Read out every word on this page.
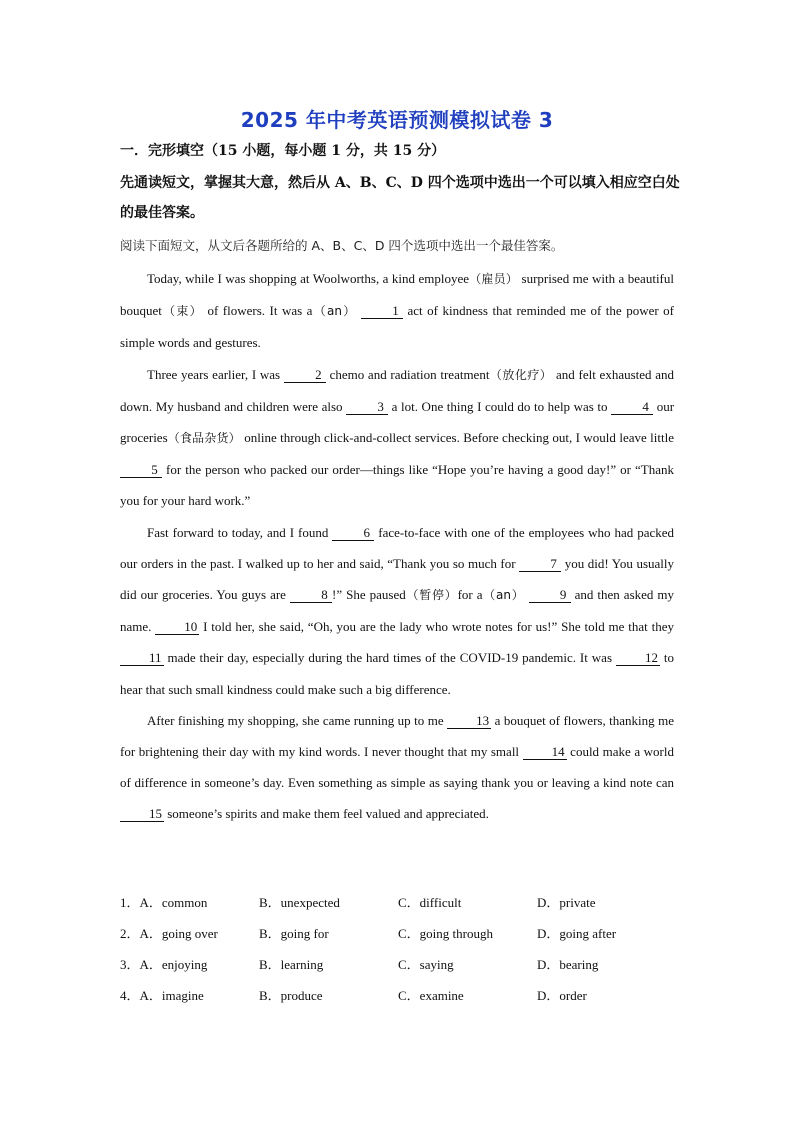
2025 年中考英语预测模拟试卷 3
一．完形填空（15 小题，每小题 1 分，共 15 分）
先通读短文，掌握其大意，然后从 A、B、C、D 四个选项中选出一个可以填入相应空白处的最佳答案。
阅读下面短文，从文后各题所给的 A、B、C、D 四个选项中选出一个最佳答案。

Today, while I was shopping at Woolworths, a kind employee（雇员） surprised me with a beautiful bouquet（束） of flowers. It was a（an）	1 act of kindness that reminded me of the power of simple words and gestures.

Three years earlier, I was	2 chemo and radiation treatment（放化疗） and felt exhausted and down. My husband and children were also	3 a lot. One thing I could do to help was to	4 our groceries（食品杂货） online through click-and-collect services. Before checking out, I would leave little 5 for the person who packed our order—things like “Hope you’re having a good day!” or “Thank you for your hard work.”

Fast forward to today, and I found	6 face-to-face with one of the employees who had packed our orders in the past. I walked up to her and said, “Thank you so much for	7 you did! You usually did our groceries. You guys are	8 !” She paused（暂停）for a（an）	9 and then asked my name.	10 I told her, she said, “Oh, you are the lady who wrote notes for us!” She told me that they 11 made their day, especially during the hard times of the COVID-19 pandemic. It was	12 to hear that such small kindness could make such a big difference.

After finishing my shopping, she came running up to me 13 a bouquet of flowers, thanking me for brightening their day with my kind words. I never thought that my small	14 could make a world of difference in someone’s day. Even something as simple as saying thank you or leaving a kind note can 15 someone’s spirits and make them feel valued and appreciated.

1．A．common	B．unexpected	C．difficult	D．private
2．A．going over	B．going for	C．going through	D．going after
3．A．enjoying	B．learning	C．saying	D．bearing
4．A．imagine	B．produce	C．examine	D．order
